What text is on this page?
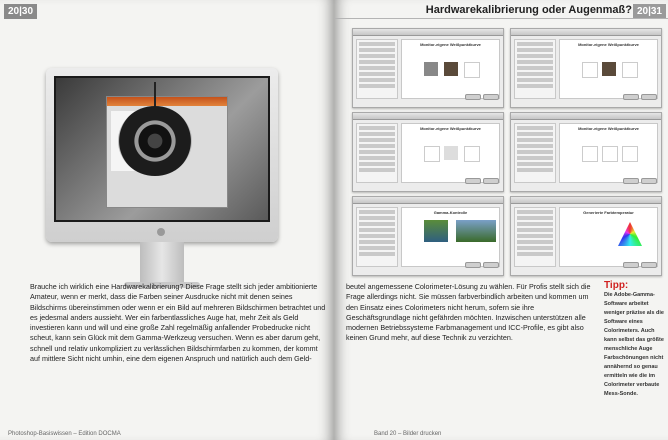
20|30

Brauche ich wirklich eine Hardwarekalibrierung? Diese Frage stellt sich jeder ambitionierte Amateur, wenn er merkt, dass die Farben seiner Ausdrucke nicht mit denen seines Bildschirms übereinstimmen oder wenn er ein Bild auf mehreren Bildschirmen betrachtet und es jedesmal anders aussieht. Wer ein farbentlassliches Auge hat, mehr Zeit als Geld investieren kann und will und eine große Zahl regelmäßig anfallender Probedrucke nicht scheut, kann sein Glück mit dem Gamma-Werkzeug versuchen. Wenn es aber darum geht, schnell und relativ unkompliziert zu verlässlichen Bildschirmfarben zu kommen, der kommt auf mittlere Sicht nicht umhin, eine dem eigenen Anspruch und natürlich auch dem Geld-

Photoshop-Basiswissen – Edition DOCMA
Hardwarekalibrierung oder Augenmaß? 20|31
Monitor-eigene Weißpunktkurve	Monitor-eigene Weißpunktkurve
Monitor-eigene Weißpunktkurve	Monitor-eigene Weißpunktkurve
Gamma-Kontrolle	Generierte Farbtemperatur

beutel angemessene Colorimeter-Lösung zu wählen. Für Profis stellt sich die Frage allerdings nicht. Sie müssen farbverbindlich arbeiten und kommen um den Einsatz eines Colorimeters nicht herum, sofern sie ihre Geschäftsgrundlage nicht gefährden möchten. Inzwischen unterstützen alle modernen Betriebssysteme Farbmanagement und ICC-Profile, es gibt also keinen Grund mehr, auf diese Technik zu verzichten.

Tipp:
Die Adobe-Gamma-Software arbeitet weniger präzise als die Software eines Colorimeters. Auch kann selbst das größte menschliche Auge Farbschönungen nicht annähernd so genau ermitteln wie die im Colorimeter verbaute Mess-Sonde.
Band 20 – Bilder drucken
